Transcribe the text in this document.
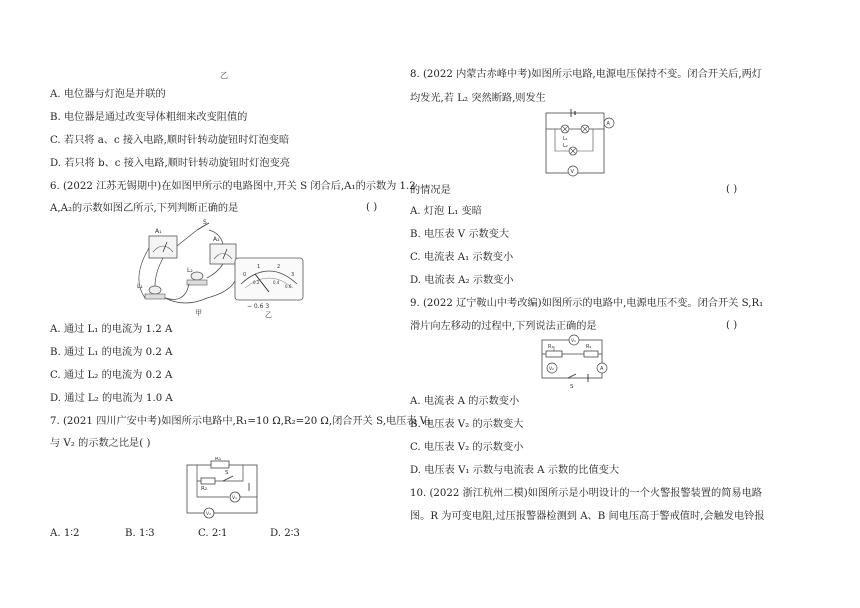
乙
A. 电位器与灯泡是并联的
B. 电位器是通过改变导体粗细来改变阻值的
C. 若只将 a、c 接入电路,顺时针转动旋钮时灯泡变暗
D. 若只将 b、c 接入电路,顺时针转动旋钮时灯泡变亮
6. (2022 江苏无锡期中)在如图甲所示的电路图中,开关 S 闭合后,A₁的示数为 1.2
A,A₂的示数如图乙所示,下列判断正确的是	( )
A₁
A₂
S
L₁
L₂
甲
0
1	2
3
0.2	0.4
0.6
− 0.6 3
乙
A. 通过 L₁ 的电流为 1.2 A
B. 通过 L₁ 的电流为 0.2 A
C. 通过 L₂ 的电流为 0.2 A
D. 通过 L₂ 的电流为 1.0 A
7. (2021 四川广安中考)如图所示电路中,R₁=10 Ω,R₂=20 Ω,闭合开关 S,电压表 V₁
与 V₂ 的示数之比是( )
R₁
R₂
S
V₁
V₂
A. 1∶2	B. 1∶3	C. 2∶1	D. 2∶3
8. (2022 内蒙古赤峰中考)如图所示电路,电源电压保持不变。闭合开关后,两灯
均发光,若 L₂ 突然断路,则发生
A
L₁
L₂
V
的情况是	( )
A. 灯泡 L₁ 变暗
B. 电压表 V 示数变大
C. 电流表 A₁ 示数变小
D. 电流表 A₂ 示数变小
9. (2022 辽宁鞍山中考改编)如图所示的电路中,电源电压不变。闭合开关 S,R₁
滑片向左移动的过程中,下列说法正确的是	( )
V₁
R₁	R₂
V₂	A
S
A. 电流表 A 的示数变小
B. 电压表 V₂ 的示数变大
C. 电压表 V₂ 的示数变小
D. 电压表 V₁ 示数与电流表 A 示数的比值变大
10. (2022 浙江杭州二模)如图所示是小明设计的一个火警报警装置的简易电路
图。R 为可变电阻,过压报警器检测到 A、B 间电压高于警戒值时,会触发电铃报
